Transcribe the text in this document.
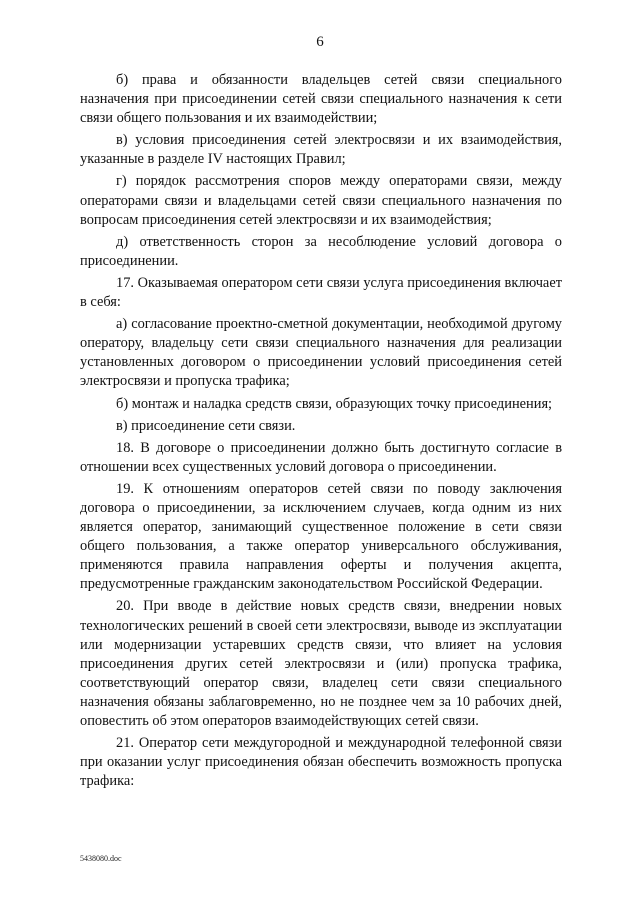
6

б) права и обязанности владельцев сетей связи специального назначения при присоединении сетей связи специального назначения к сети связи общего пользования и их взаимодействии;

в) условия присоединения сетей электросвязи и их взаимодействия, указанные в разделе IV настоящих Правил;

г) порядок рассмотрения споров между операторами связи, между операторами связи и владельцами сетей связи специального назначения по вопросам присоединения сетей электросвязи и их взаимодействия;

д) ответственность сторон за несоблюдение условий договора о присоединении.

17. Оказываемая оператором сети связи услуга присоединения включает в себя:

а) согласование проектно-сметной документации, необходимой другому оператору, владельцу сети связи специального назначения для реализации установленных договором о присоединении условий присоединения сетей электросвязи и пропуска трафика;

б) монтаж и наладка средств связи, образующих точку присоединения;

в) присоединение сети связи.

18. В договоре о присоединении должно быть достигнуто согласие в отношении всех существенных условий договора о присоединении.

19. К отношениям операторов сетей связи по поводу заключения договора о присоединении, за исключением случаев, когда одним из них является оператор, занимающий существенное положение в сети связи общего пользования, а также оператор универсального обслуживания, применяются правила направления оферты и получения акцепта, предусмотренные гражданским законодательством Российской Федерации.

20. При вводе в действие новых средств связи, внедрении новых технологических решений в своей сети электросвязи, выводе из эксплуатации или модернизации устаревших средств связи, что влияет на условия присоединения других сетей электросвязи и (или) пропуска трафика, соответствующий оператор связи, владелец сети связи специального назначения обязаны заблаговременно, но не позднее чем за 10 рабочих дней, оповестить об этом операторов взаимодействующих сетей связи.

21. Оператор сети междугородной и международной телефонной связи при оказании услуг присоединения обязан обеспечить возможность пропуска трафика:

5438080.doc
